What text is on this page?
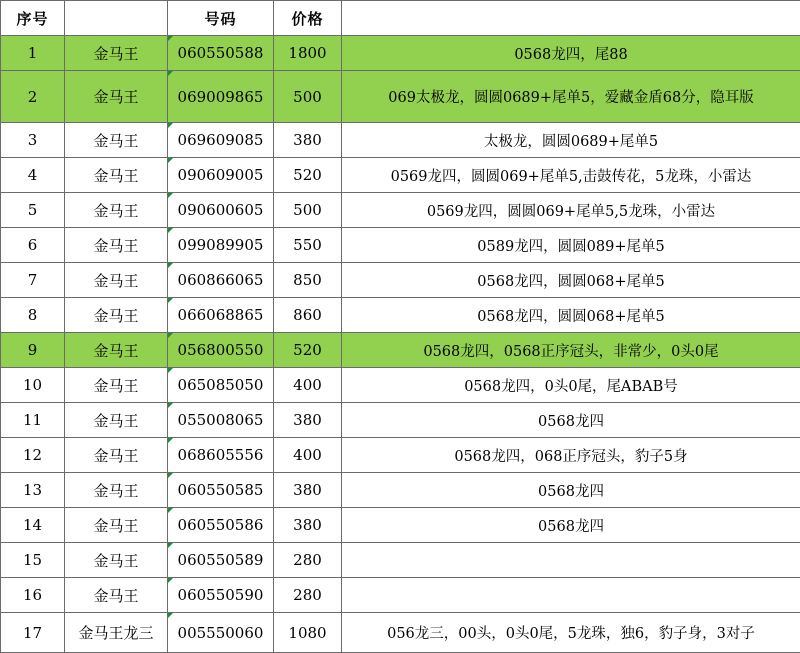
序号		号码	价格	
1	金马王	060550588	1800	0568龙四，尾88
2	金马王	069009865	500	069太极龙，圆圆0689+尾单5，爱藏金盾68分，隐耳版
3	金马王	069609085	380	太极龙，圆圆0689+尾单5
4	金马王	090609005	520	0569龙四，圆圆069+尾单5,击鼓传花，5龙珠，小雷达
5	金马王	090600605	500	0569龙四，圆圆069+尾单5,5龙珠，小雷达
6	金马王	099089905	550	0589龙四，圆圆089+尾单5
7	金马王	060866065	850	0568龙四，圆圆068+尾单5
8	金马王	066068865	860	0568龙四，圆圆068+尾单5
9	金马王	056800550	520	0568龙四，0568正序冠头，非常少，0头0尾
10	金马王	065085050	400	0568龙四，0头0尾，尾ABAB号
11	金马王	055008065	380	0568龙四
12	金马王	068605556	400	0568龙四，068正序冠头，豹子5身
13	金马王	060550585	380	0568龙四
14	金马王	060550586	380	0568龙四
15	金马王	060550589	280	
16	金马王	060550590	280	
17	金马王龙三	005550060	1080	056龙三，00头，0头0尾，5龙珠，独6，豹子身，3对子
